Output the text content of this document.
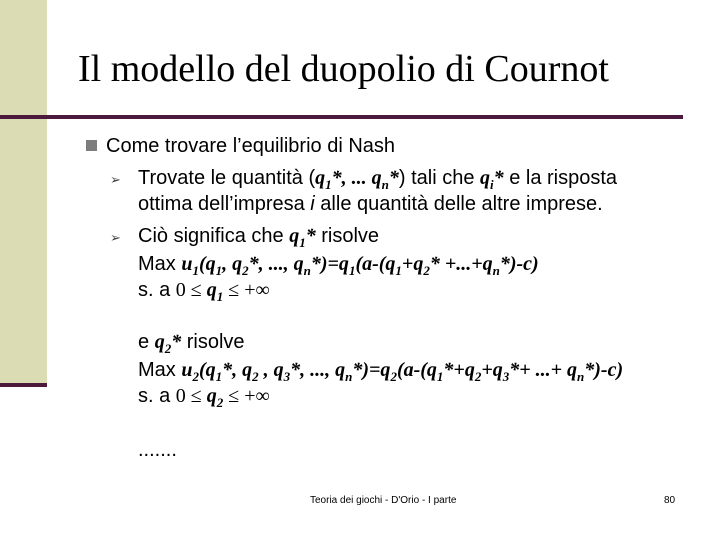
Il modello del duopolio di Cournot
Come trovare l’equilibrio di Nash
➢ Trovate le quantità ($q_1*$, ... $q_n*$) tali che $q_i*$ e la risposta
ottima dell’impresa i alle quantità delle altre imprese.
➢ Ciò significa che $q_1*$ risolve
Max $u_1(q_1$, $q_2*$, ..., $q_n*)=q_1(a-(q_1+q_2* +...+q_n*)-c)$
s. a $0 \le q_1$ ≤ +∞
e $q_2*$ risolve
Max $u_2(q_1*$, $q_2$ , $q_3*$, ..., $q_n*)=q_2(a-(q_1*+q_2+q_3*+$ ...+ $q_n*)-c$)
s. a $0 \le q_2$ ≤ +∞
.......
Teoria dei giochi - D'Orio - I parte	80
